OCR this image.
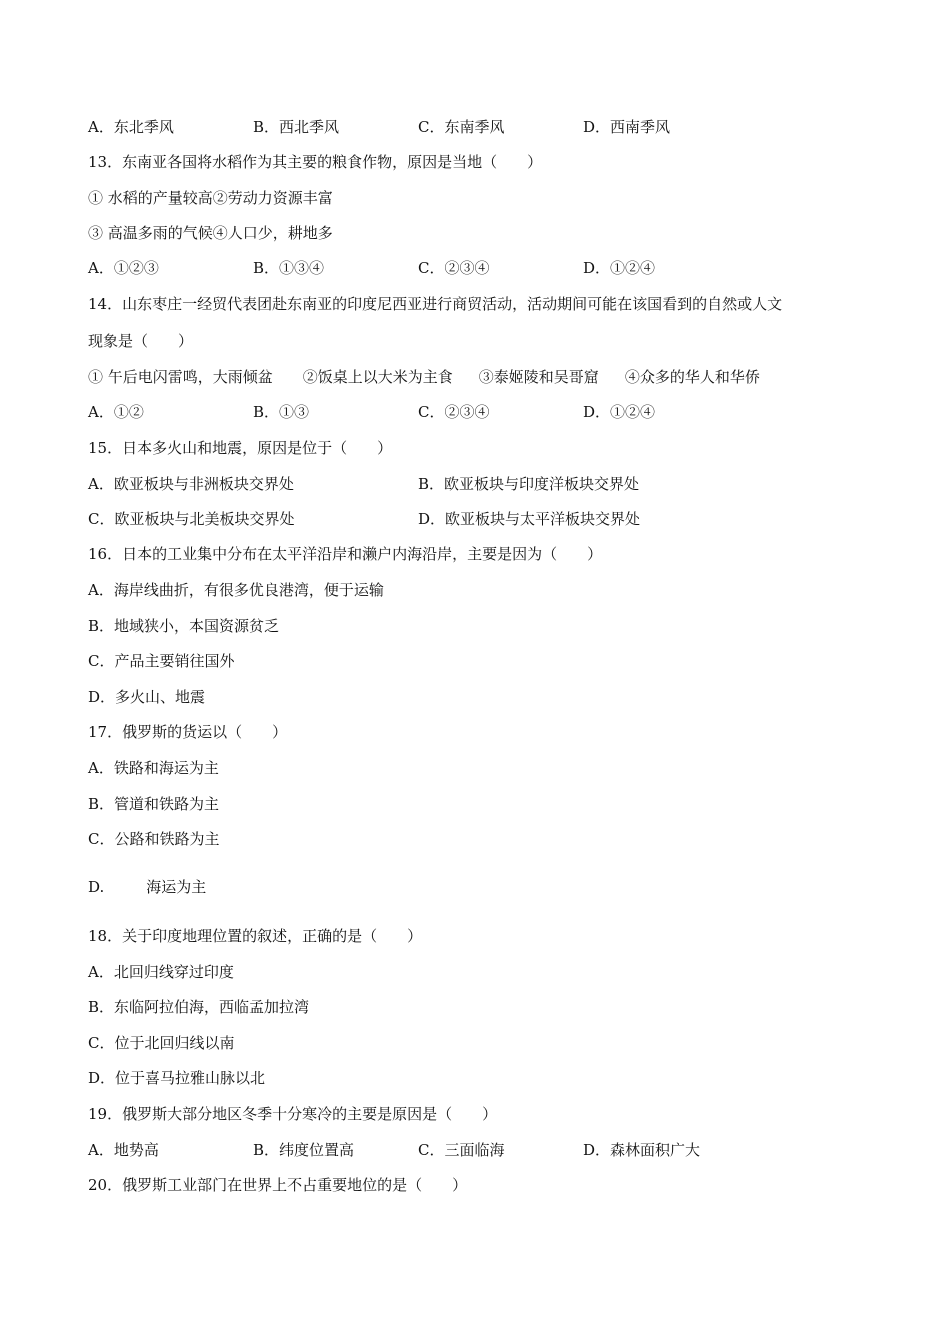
A．东北季风	B．西北季风	C．东南季风	D．西南季风
13．东南亚各国将水稻作为其主要的粮食作物，原因是当地（　　）
① 水稻的产量较高②劳动力资源丰富
③ 高温多雨的气候④人口少，耕地多
A．①②③	B．①③④	C．②③④	D．①②④
14．山东枣庄一经贸代表团赴东南亚的印度尼西亚进行商贸活动，活动期间可能在该国看到的自然或人文
现象是（　　）
① 午后电闪雷鸣，大雨倾盆 ②饭桌上以大米为主食 ③泰姬陵和吴哥窟 ④众多的华人和华侨
A．①②	B．①③	C．②③④	D．①②④
15．日本多火山和地震，原因是位于（　　）
A．欧亚板块与非洲板块交界处	B．欧亚板块与印度洋板块交界处
C．欧亚板块与北美板块交界处	D．欧亚板块与太平洋板块交界处
16．日本的工业集中分布在太平洋沿岸和濑户内海沿岸，主要是因为（　　）
A．海岸线曲折，有很多优良港湾，便于运输
B．地域狭小，本国资源贫乏
C．产品主要销往国外
D．多火山、地震
17．俄罗斯的货运以（　　）
A．铁路和海运为主
B．管道和铁路为主
C．公路和铁路为主
D.	海运为主
18．关于印度地理位置的叙述，正确的是（　　）
A．北回归线穿过印度
B．东临阿拉伯海，西临孟加拉湾
C．位于北回归线以南
D．位于喜马拉雅山脉以北
19．俄罗斯大部分地区冬季十分寒冷的主要是原因是（　　）
A．地势高	B．纬度位置高	C．三面临海	D．森林面积广大
20．俄罗斯工业部门在世界上不占重要地位的是（　　）
